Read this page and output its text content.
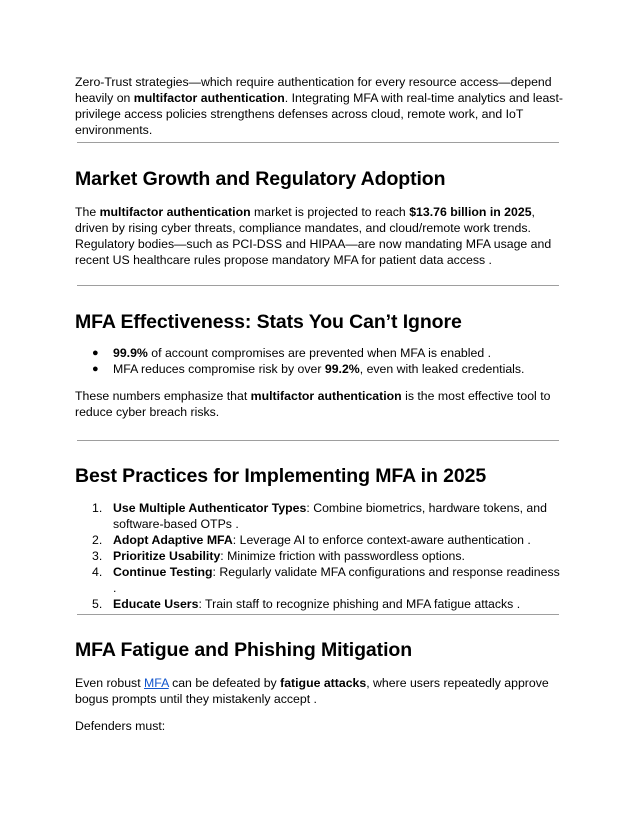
Zero-Trust strategies—which require authentication for every resource access—depend heavily on multifactor authentication. Integrating MFA with real-time analytics and least-privilege access policies strengthens defenses across cloud, remote work, and IoT environments.

Market Growth and Regulatory Adoption

The multifactor authentication market is projected to reach $13.76 billion in 2025, driven by rising cyber threats, compliance mandates, and cloud/remote work trends. Regulatory bodies—such as PCI-DSS and HIPAA—are now mandating MFA usage and recent US healthcare rules propose mandatory MFA for patient data access .

MFA Effectiveness: Stats You Can’t Ignore
● 99.9% of account compromises are prevented when MFA is enabled .
● MFA reduces compromise risk by over 99.2%, even with leaked credentials.

These numbers emphasize that multifactor authentication is the most effective tool to reduce cyber breach risks.

Best Practices for Implementing MFA in 2025
1. Use Multiple Authenticator Types: Combine biometrics, hardware tokens, and software-based OTPs .
2. Adopt Adaptive MFA: Leverage AI to enforce context-aware authentication .
3. Prioritize Usability: Minimize friction with passwordless options.
4. Continue Testing: Regularly validate MFA configurations and response readiness .
5. Educate Users: Train staff to recognize phishing and MFA fatigue attacks .
MFA Fatigue and Phishing Mitigation

Even robust MFA can be defeated by fatigue attacks, where users repeatedly approve bogus prompts until they mistakenly accept .

Defenders must:
